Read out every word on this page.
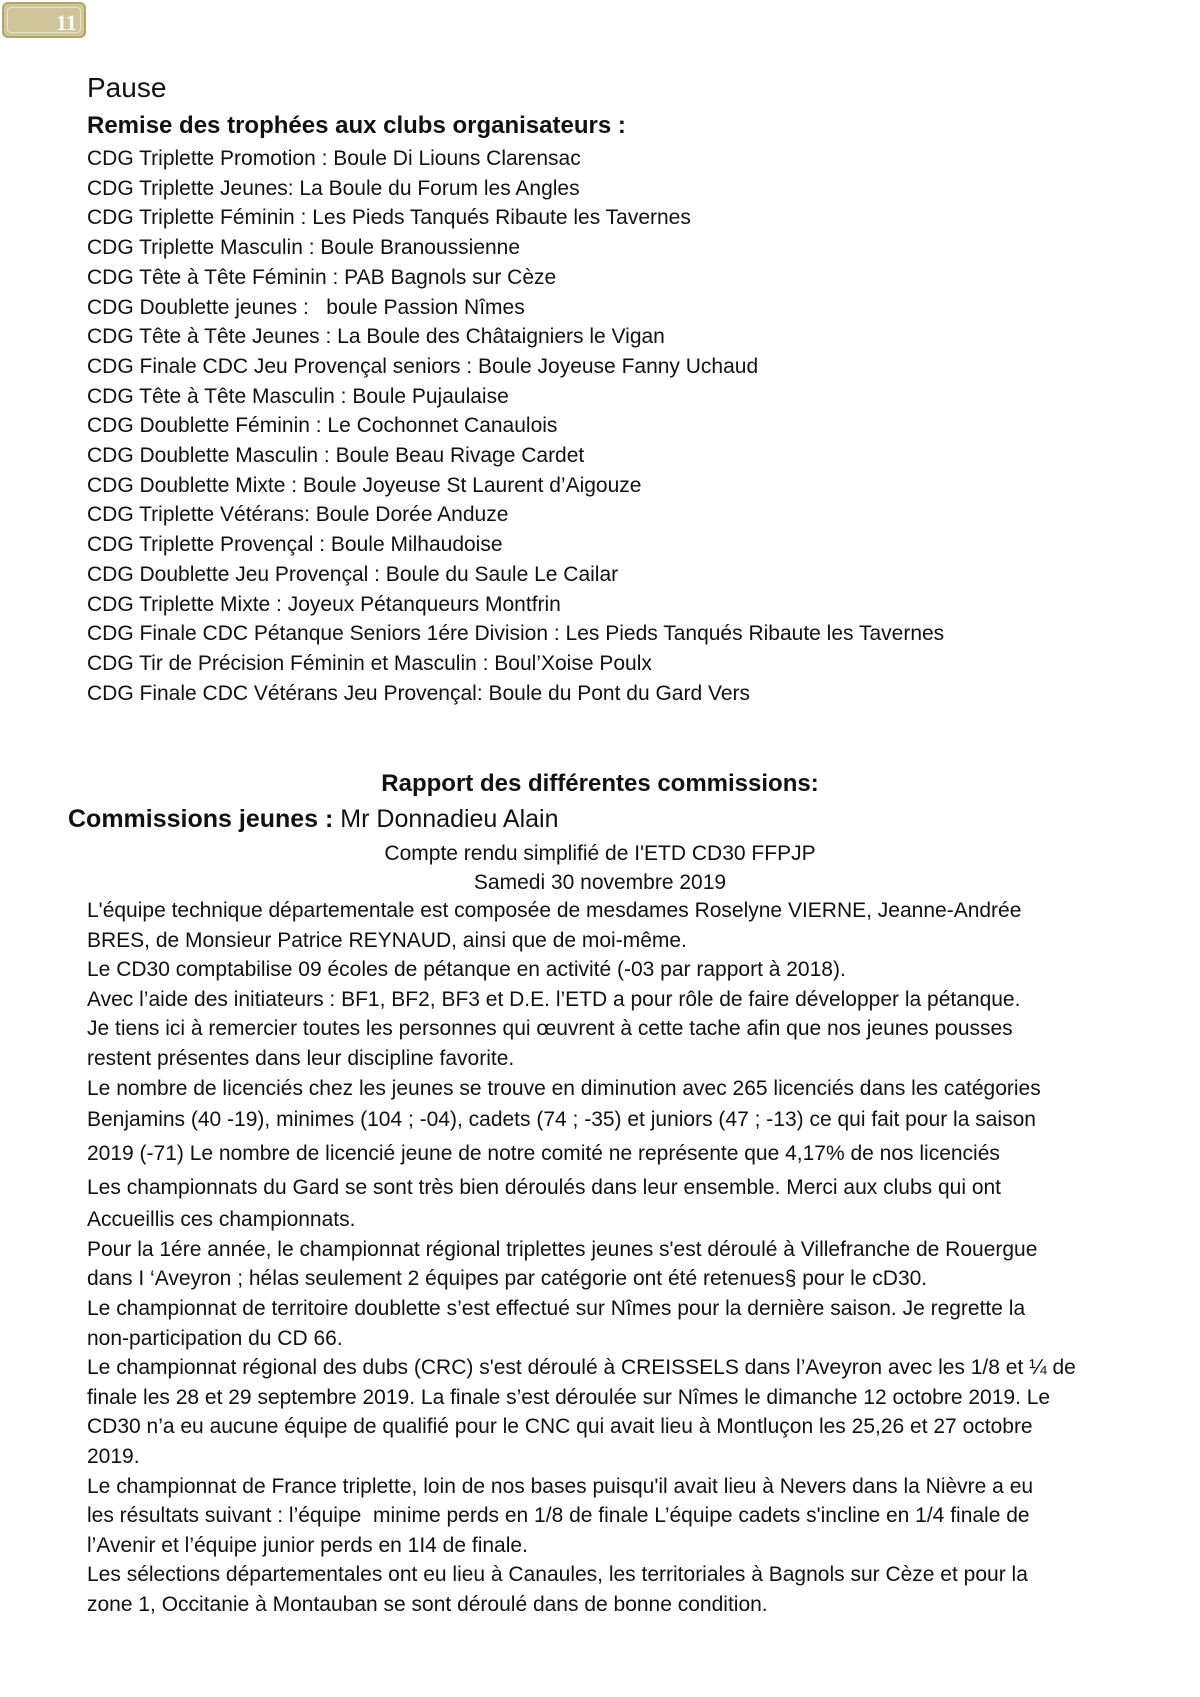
11
Pause
Remise des trophées aux clubs organisateurs :
CDG Triplette Promotion : Boule Di Liouns Clarensac
CDG Triplette Jeunes: La Boule du Forum les Angles
CDG Triplette Féminin : Les Pieds Tanqués Ribaute les Tavernes
CDG Triplette Masculin : Boule Branoussienne
CDG Tête à Tête Féminin : PAB Bagnols sur Cèze
CDG Doublette jeunes :   boule Passion Nîmes
CDG Tête à Tête Jeunes : La Boule des Châtaigniers le Vigan
CDG Finale CDC Jeu Provençal seniors : Boule Joyeuse Fanny Uchaud
CDG Tête à Tête Masculin : Boule Pujaulaise
CDG Doublette Féminin : Le Cochonnet Canaulois
CDG Doublette Masculin : Boule Beau Rivage Cardet
CDG Doublette Mixte : Boule Joyeuse St Laurent d’Aigouze
CDG Triplette Vétérans: Boule Dorée Anduze
CDG Triplette Provençal : Boule Milhaudoise
CDG Doublette Jeu Provençal : Boule du Saule Le Cailar
CDG Triplette Mixte : Joyeux Pétanqueurs Montfrin
CDG Finale CDC Pétanque Seniors 1ére Division : Les Pieds Tanqués Ribaute les Tavernes
CDG Tir de Précision Féminin et Masculin : Boul’Xoise Poulx
CDG Finale CDC Vétérans Jeu Provençal: Boule du Pont du Gard Vers
Rapport des différentes commissions:
Commissions jeunes : Mr Donnadieu Alain
Compte rendu simplifié de I'ETD CD30 FFPJP
Samedi 30 novembre 2019

L'équipe technique départementale est composée de mesdames Roselyne VIERNE, Jeanne-Andrée

BRES, de Monsieur Patrice REYNAUD, ainsi que de moi-même.

Le CD30 comptabilise 09 écoles de pétanque en activité (-03 par rapport à 2018).

Avec l’aide des initiateurs : BF1, BF2, BF3 et D.E. l’ETD a pour rôle de faire développer la pétanque.

Je tiens ici à remercier toutes les personnes qui œuvrent à cette tache afin que nos jeunes pousses

restent présentes dans leur discipline favorite.

Le nombre de licenciés chez les jeunes se trouve en diminution avec 265 licenciés dans les catégories

Benjamins (40 -19), minimes (104 ; -04), cadets (74 ; -35) et juniors (47 ; -13) ce qui fait pour la saison

2019 (-71) Le nombre de licencié jeune de notre comité ne représente que 4,17% de nos licenciés

Les championnats du Gard se sont très bien déroulés dans leur ensemble. Merci aux clubs qui ont

Accueillis ces championnats.

Pour la 1ére année, le championnat régional triplettes jeunes s'est déroulé à Villefranche de Rouergue

dans I ‘Aveyron ; hélas seulement 2 équipes par catégorie ont été retenues§ pour le cD30.

Le championnat de territoire doublette s’est effectué sur Nîmes pour la dernière saison. Je regrette la

non-participation du CD 66.

Le championnat régional des dubs (CRC) s'est déroulé à CREISSELS dans l’Aveyron avec les 1/8 et ¼ de

finale les 28 et 29 septembre 2019. La finale s’est déroulée sur Nîmes le dimanche 12 octobre 2019. Le

CD30 n’a eu aucune équipe de qualifié pour le CNC qui avait lieu à Montluçon les 25,26 et 27 octobre

2019.

Le championnat de France triplette, loin de nos bases puisqu'il avait lieu à Nevers dans la Nièvre a eu

les résultats suivant : l’équipe  minime perds en 1/8 de finale L’équipe cadets s'incline en 1/4 finale de

l’Avenir et l’équipe junior perds en 1I4 de finale.

Les sélections départementales ont eu lieu à Canaules, les territoriales à Bagnols sur Cèze et pour la

zone 1, Occitanie à Montauban se sont déroulé dans de bonne condition.
